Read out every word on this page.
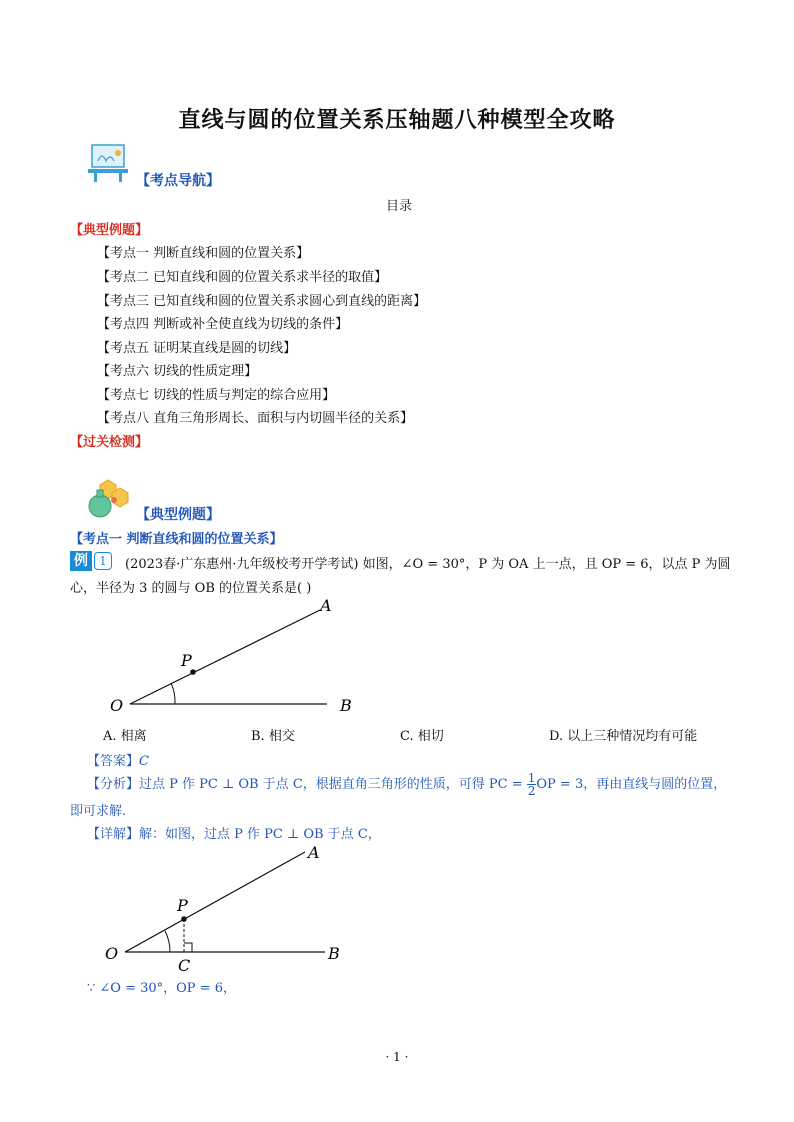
直线与圆的位置关系压轴题八种模型全攻略
【考点导航】
目录
【典型例题】
【考点一 判断直线和圆的位置关系】
【考点二 已知直线和圆的位置关系求半径的取值】
【考点三 已知直线和圆的位置关系求圆心到直线的距离】
【考点四 判断或补全使直线为切线的条件】
【考点五 证明某直线是圆的切线】
【考点六 切线的性质定理】
【考点七 切线的性质与判定的综合应用】
【考点八 直角三角形周长、面积与内切圆半径的关系】
【过关检测】
【典型例题】
【考点一 判断直线和圆的位置关系】
例 1	(2023春·广东惠州·九年级校考开学考试) 如图，∠O = 30°，P 为 OA 上一点，且 OP = 6，以点 P 为圆
心，半径为 3 的圆与 OB 的位置关系是( )
O	B
A
P
A. 相离	B. 相交	C. 相切	D. 以上三种情况均有可能
【答案】C
【分析】过点 P 作 PC ⊥ OB 于点 C，根据直角三角形的性质，可得 PC = $\frac{1}{2}$ OP = 3，再由直线与圆的位置，
即可求解.
【详解】解：如图，过点 P 作 PC ⊥ OB 于点 C，
O	B
A
P
C
∵ ∠O = 30°，OP = 6，
· 1 ·
